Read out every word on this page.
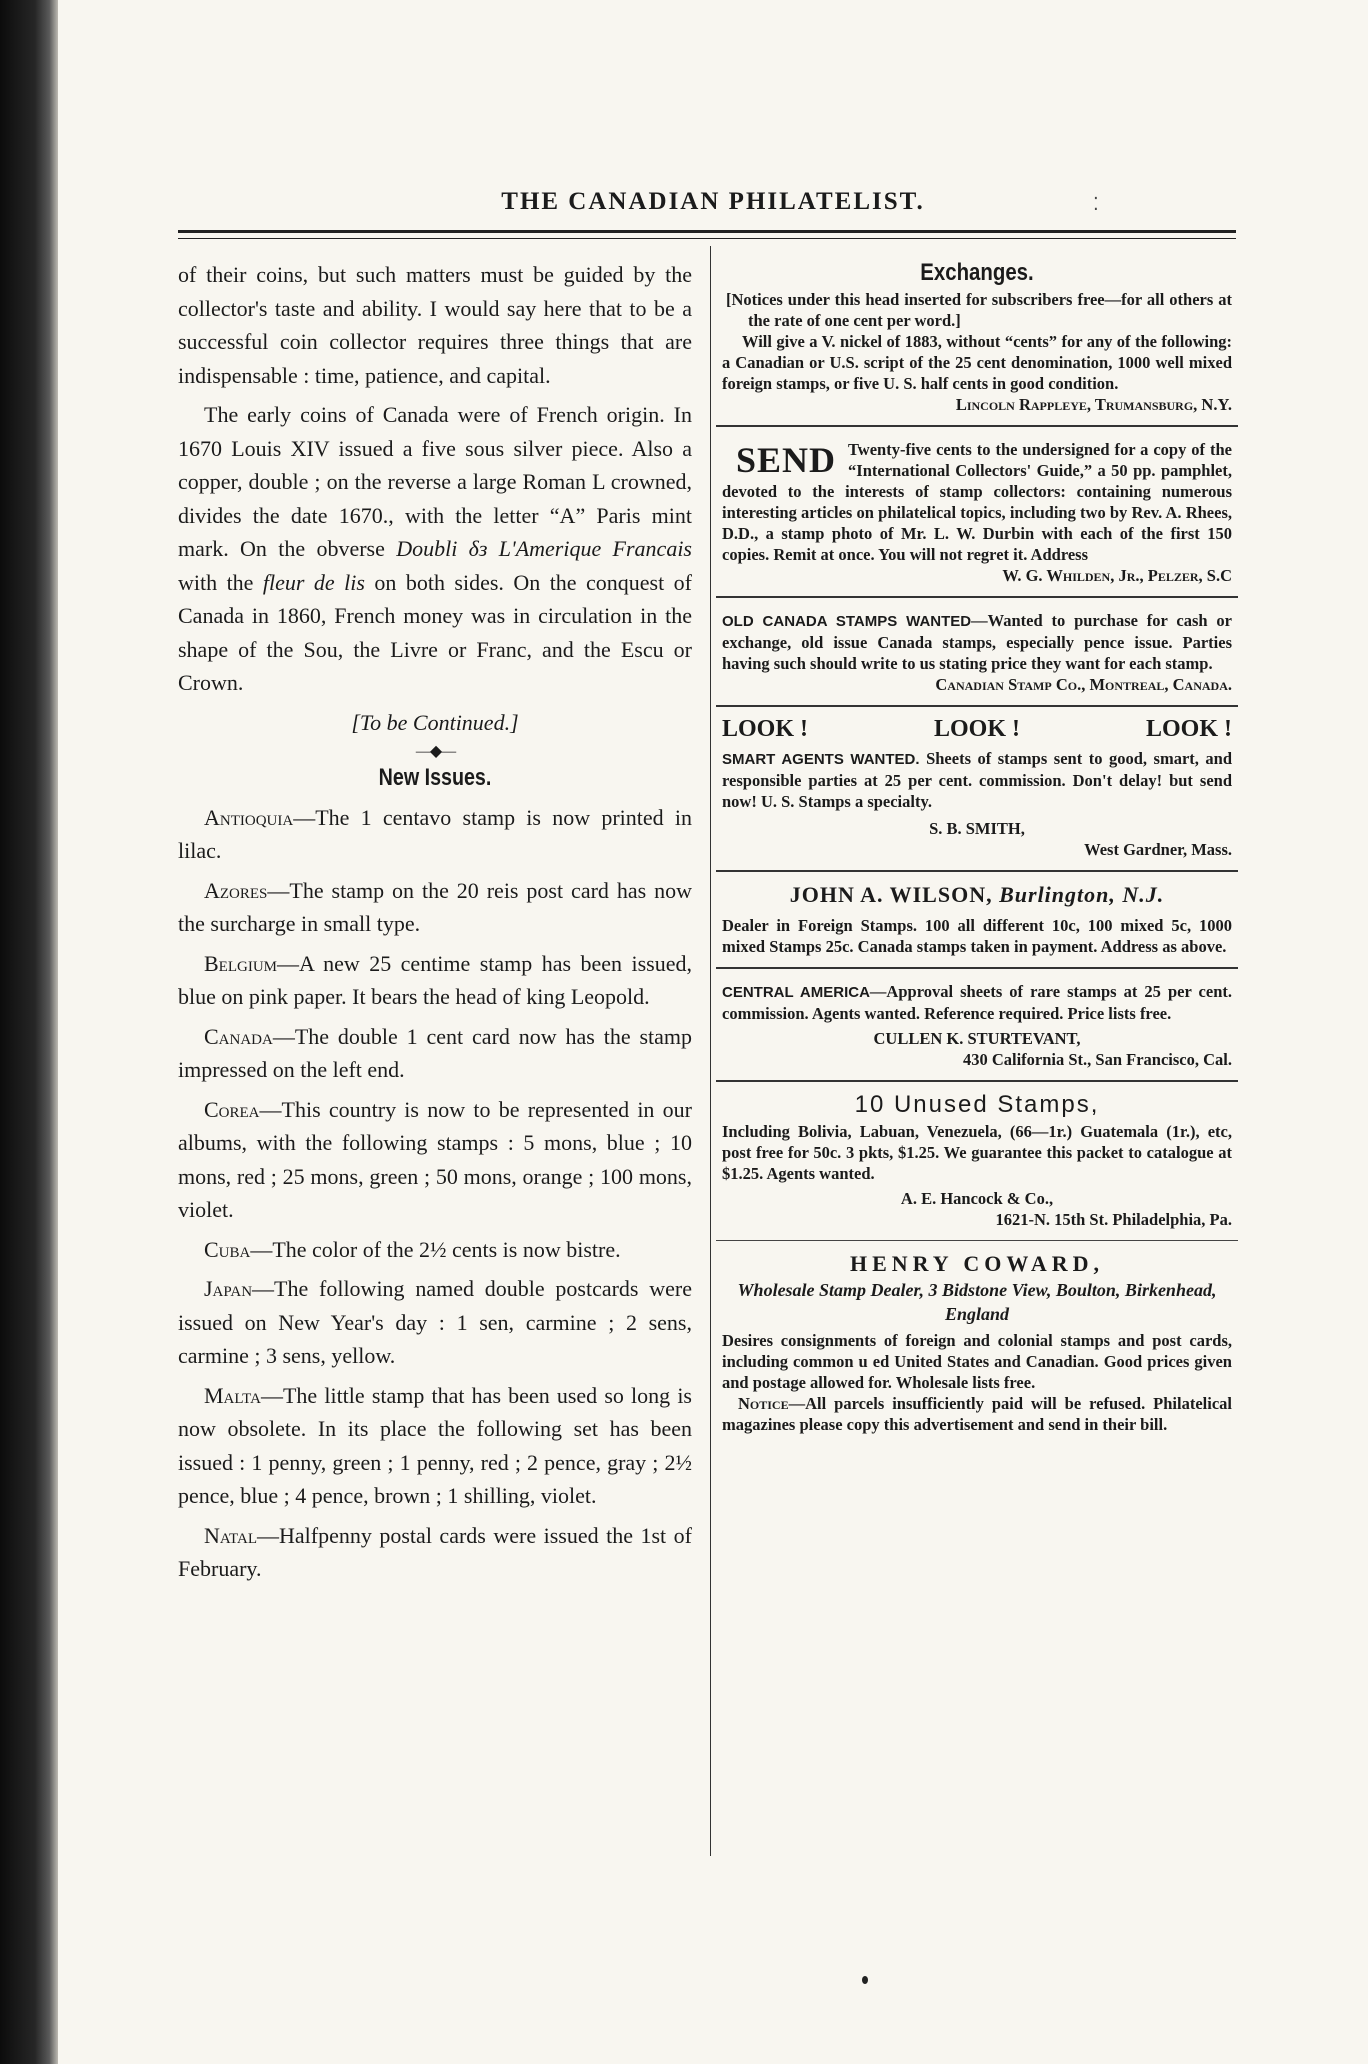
THE CANADIAN PHILATELIST.	⁚

of their coins, but such matters must be guided by the collector's taste and ability. I would say here that to be a successful coin collector requires three things that are indispensable : time, patience, and capital.

The early coins of Canada were of French origin. In 1670 Louis XIV issued a five sous silver piece. Also a copper, double ; on the reverse a large Roman L crowned, divides the date 1670., with the letter “A” Paris mint mark. On the obverse Doubli δз L'Amerique Francais with the fleur de lis on both sides. On the conquest of Canada in 1860, French money was in circulation in the shape of the Sou, the Livre or Franc, and the Escu or Crown.

[To be Continued.]

—◆—
New Issues.

Antioquia—The 1 centavo stamp is now printed in lilac.

Azores—The stamp on the 20 reis post card has now the surcharge in small type.

Belgium—A new 25 centime stamp has been issued, blue on pink paper. It bears the head of king Leopold.

Canada—The double 1 cent card now has the stamp impressed on the left end.

Corea—This country is now to be represented in our albums, with the following stamps : 5 mons, blue ; 10 mons, red ; 25 mons, green ; 50 mons, orange ; 100 mons, violet.

Cuba—The color of the 2½ cents is now bistre.

Japan—The following named double postcards were issued on New Year's day : 1 sen, carmine ; 2 sens, carmine ; 3 sens, yellow.

Malta—The little stamp that has been used so long is now obsolete. In its place the following set has been issued : 1 penny, green ; 1 penny, red ; 2 pence, gray ; 2½ pence, blue ; 4 pence, brown ; 1 shilling, violet.

Natal—Halfpenny postal cards were issued the 1st of February.

Exchanges.

[Notices under this head inserted for subscribers free—for all others at the rate of one cent per word.]

Will give a V. nickel of 1883, without “cents” for any of the following: a Canadian or U.S. script of the 25 cent denomination, 1000 well mixed foreign stamps, or five U. S. half cents in good condition.

Lincoln Rappleye, Trumansburg, N.Y.

SEND Twenty-five cents to the undersigned for a copy of the “International Collectors' Guide,” a 50 pp. pamphlet, devoted to the interests of stamp collectors: containing numerous interesting articles on philatelical topics, including two by Rev. A. Rhees, D.D., a stamp photo of Mr. L. W. Durbin with each of the first 150 copies. Remit at once. You will not regret it. Address

W. G. Whilden, Jr., Pelzer, S.C

OLD CANADA STAMPS WANTED—Wanted to purchase for cash or exchange, old issue Canada stamps, especially pence issue. Parties having such should write to us stating price they want for each stamp.

Canadian Stamp Co., Montreal, Canada.

LOOK !	LOOK !	LOOK !

SMART AGENTS WANTED. Sheets of stamps sent to good, smart, and responsible parties at 25 per cent. commission. Don't delay! but send now! U. S. Stamps a specialty.

S. B. SMITH,

West Gardner, Mass.

JOHN A. WILSON, Burlington, N.J.

Dealer in Foreign Stamps. 100 all different 10c, 100 mixed 5c, 1000 mixed Stamps 25c. Canada stamps taken in payment. Address as above.

CENTRAL AMERICA—Approval sheets of rare stamps at 25 per cent. commission. Agents wanted. Reference required. Price lists free.

CULLEN K. STURTEVANT,

430 California St., San Francisco, Cal.

10 Unused Stamps,

Including Bolivia, Labuan, Venezuela, (66—1r.) Guatemala (1r.), etc, post free for 50c. 3 pkts, $1.25. We guarantee this packet to catalogue at $1.25. Agents wanted.

A. E. Hancock & Co.,

1621-N. 15th St. Philadelphia, Pa.

HENRY COWARD,
Wholesale Stamp Dealer, 3 Bidstone View, Boulton, Birkenhead, England

Desires consignments of foreign and colonial stamps and post cards, including common u ed United States and Canadian. Good prices given and postage allowed for. Wholesale lists free.

Notice—All parcels insufficiently paid will be refused. Philatelical magazines please copy this advertisement and send in their bill.
